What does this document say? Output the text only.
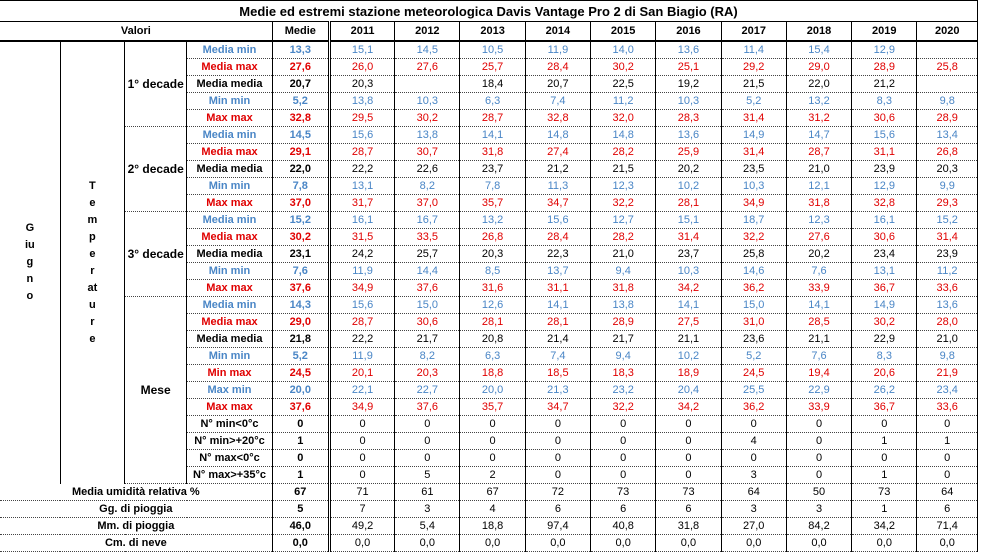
Medie ed estremi stazione meteorologica Davis Vantage Pro 2 di San Biagio (RA)														
Valori				Medie	2011	2012	2013	2014	2015	2016	2017	2018	2019	2020

Giugno	Temperature	1° decade	Media min	13,3	15,1	14,5	10,5	11,9	14,0	13,6	11,4	15,4	12,9	
			Media max	27,6	26,0	27,6	25,7	28,4	30,2	25,1	29,2	29,0	28,9	25,8
			Media media	20,7	20,3		18,4	20,7	22,5	19,2	21,5	22,0	21,2	
			Min min	5,2	13,8	10,3	6,3	7,4	11,2	10,3	5,2	13,2	8,3	9,8
			Max max	32,8	29,5	30,2	28,7	32,8	32,0	28,3	31,4	31,2	30,6	28,9
		2° decade	Media min	14,5	15,6	13,8	14,1	14,8	14,8	13,6	14,9	14,7	15,6	13,4
			Media max	29,1	28,7	30,7	31,8	27,4	28,2	25,9	31,4	28,7	31,1	26,8
			Media media	22,0	22,2	22,6	23,7	21,2	21,5	20,2	23,5	21,0	23,9	20,3
			Min min	7,8	13,1	8,2	7,8	11,3	12,3	10,2	10,3	12,1	12,9	9,9
			Max max	37,0	31,7	37,0	35,7	34,7	32,2	28,1	34,9	31,8	32,8	29,3
		3° decade	Media min	15,2	16,1	16,7	13,2	15,6	12,7	15,1	18,7	12,3	16,1	15,2
			Media max	30,2	31,5	33,5	26,8	28,4	28,2	31,4	32,2	27,6	30,6	31,4
			Media media	23,1	24,2	25,7	20,3	22,3	21,0	23,7	25,8	20,2	23,4	23,9
			Min min	7,6	11,9	14,4	8,5	13,7	9,4	10,3	14,6	7,6	13,1	11,2
			Max max	37,6	34,9	37,6	31,6	31,1	31,8	34,2	36,2	33,9	36,7	33,6
		Mese	Media min	14,3	15,6	15,0	12,6	14,1	13,8	14,1	15,0	14,1	14,9	13,6
			Media max	29,0	28,7	30,6	28,1	28,1	28,9	27,5	31,0	28,5	30,2	28,0
			Media media	21,8	22,2	21,7	20,8	21,4	21,7	21,1	23,6	21,1	22,9	21,0
			Min min	5,2	11,9	8,2	6,3	7,4	9,4	10,2	5,2	7,6	8,3	9,8
			Min max	24,5	20,1	20,3	18,8	18,5	18,3	18,9	24,5	19,4	20,6	21,9
			Max min	20,0	22,1	22,7	20,0	21,3	23,2	20,4	25,5	22,9	26,2	23,4
			Max max	37,6	34,9	37,6	35,7	34,7	32,2	34,2	36,2	33,9	36,7	33,6
			N° min<0°c	0	0	0	0	0	0	0	0	0	0	0
			N° min>+20°c	1	0	0	0	0	0	0	4	0	1	1
			N° max<0°c	0	0	0	0	0	0	0	0	0	0	0
			N° max>+35°c	1	0	5	2	0	0	0	3	0	1	0
Media umidità relativa %				67	71	61	67	72	73	73	64	50	73	64
Gg. di pioggia				5	7	3	4	6	6	6	3	3	1	6
Mm. di pioggia				46,0	49,2	5,4	18,8	97,4	40,8	31,8	27,0	84,2	34,2	71,4
Cm. di neve				0,0	0,0	0,0	0,0	0,0	0,0	0,0	0,0	0,0	0,0	0,0
